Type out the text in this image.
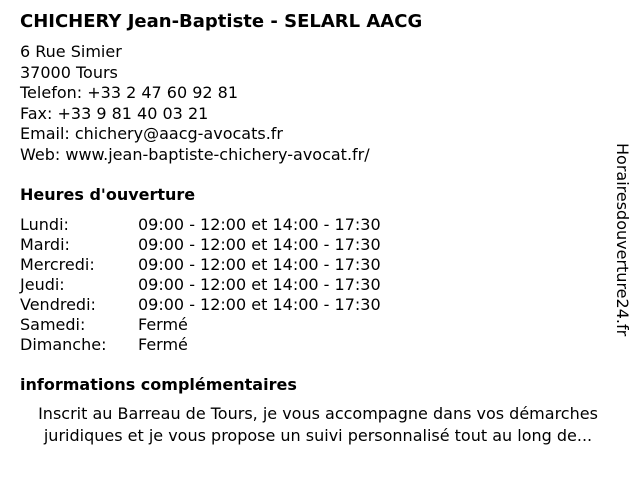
CHICHERY Jean-Baptiste - SELARL AACG
6 Rue Simier
37000 Tours
Telefon: +33 2 47 60 92 81
Fax: +33 9 81 40 03 21
Email: chichery@aacg-avocats.fr
Web: www.jean-baptiste-chichery-avocat.fr/
Heures d'ouverture
Lundi:	09:00 - 12:00 et 14:00 - 17:30
Mardi:	09:00 - 12:00 et 14:00 - 17:30
Mercredi:	09:00 - 12:00 et 14:00 - 17:30
Jeudi:	09:00 - 12:00 et 14:00 - 17:30
Vendredi:	09:00 - 12:00 et 14:00 - 17:30
Samedi:	Fermé
Dimanche: Fermé
informations complémentaires
Inscrit au Barreau de Tours, je vous accompagne dans vos démarches
juridiques et je vous propose un suivi personnalisé tout au long de...
Horairesdouverture24.fr
